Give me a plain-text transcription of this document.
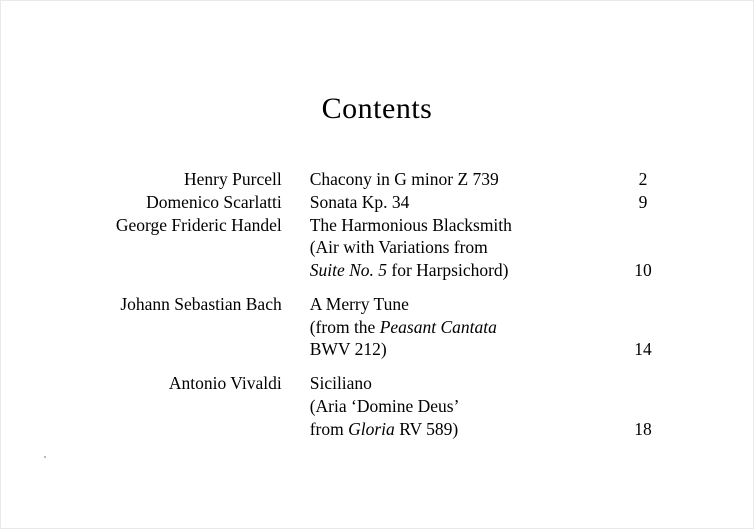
Contents
Henry Purcell	Chacony in G minor Z 739	2

Domenico Scarlatti	Sonata Kp. 34	9

George Frideric Handel	The Harmonious Blacksmith
(Air with Variations from
Suite No. 5 for Harpsichord)	10

Johann Sebastian Bach	A Merry Tune
(from the Peasant Cantata
BWV 212)	14

Antonio Vivaldi	Siciliano
(Aria ‘Domine Deus’
from Gloria RV 589)	18
